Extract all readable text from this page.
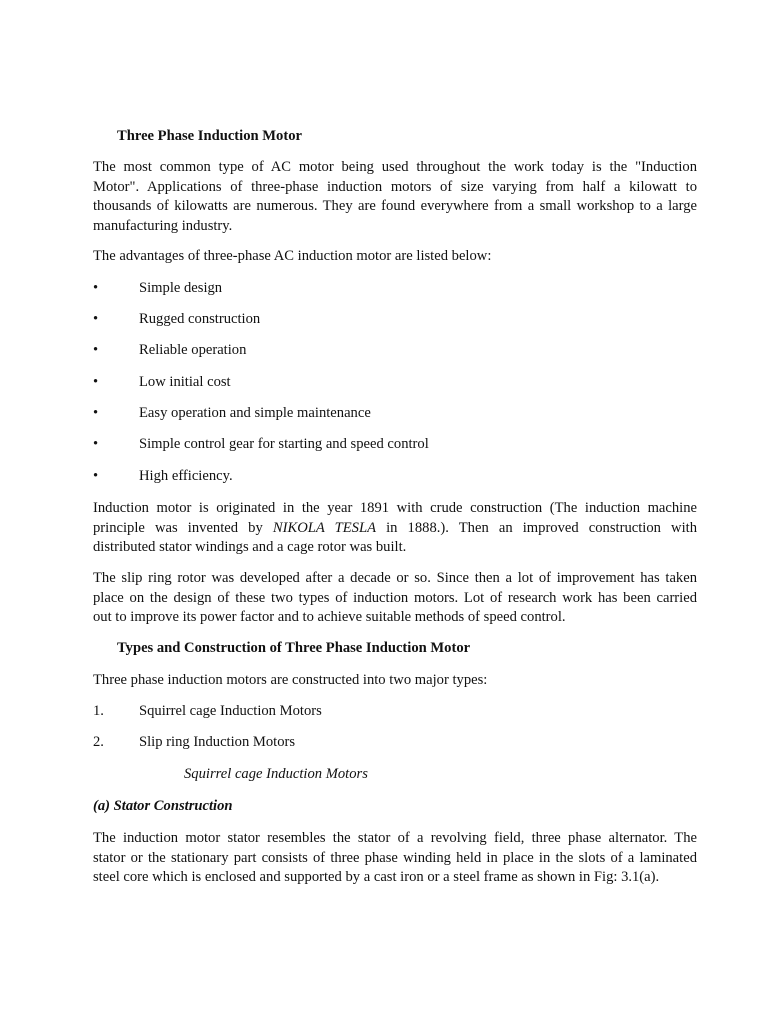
Three Phase Induction Motor
The most common type of AC motor being used throughout the work today is the "Induction
Motor". Applications of three-phase induction motors of size varying from half a kilowatt to
thousands of kilowatts are numerous. They are found everywhere from a small workshop to a large
manufacturing industry.
The advantages of three-phase AC induction motor are listed below:
•	Simple design
•	Rugged construction
•	Reliable operation
•	Low initial cost
•	Easy operation and simple maintenance
•	Simple control gear for starting and speed control
•	High efficiency.
Induction motor is originated in the year 1891 with crude construction (The induction machine
principle was invented by NIKOLA TESLA in 1888.). Then an improved construction with
distributed stator windings and a cage rotor was built.
The slip ring rotor was developed after a decade or so. Since then a lot of improvement has taken
place on the design of these two types of induction motors. Lot of research work has been carried
out to improve its power factor and to achieve suitable methods of speed control.
Types and Construction of Three Phase Induction Motor
Three phase induction motors are constructed into two major types:
1. Squirrel cage Induction Motors
2. Slip ring Induction Motors
Squirrel cage Induction Motors
(a) Stator Construction
The induction motor stator resembles the stator of a revolving field, three phase alternator. The
stator or the stationary part consists of three phase winding held in place in the slots of a laminated
steel core which is enclosed and supported by a cast iron or a steel frame as shown in Fig: 3.1(a).
